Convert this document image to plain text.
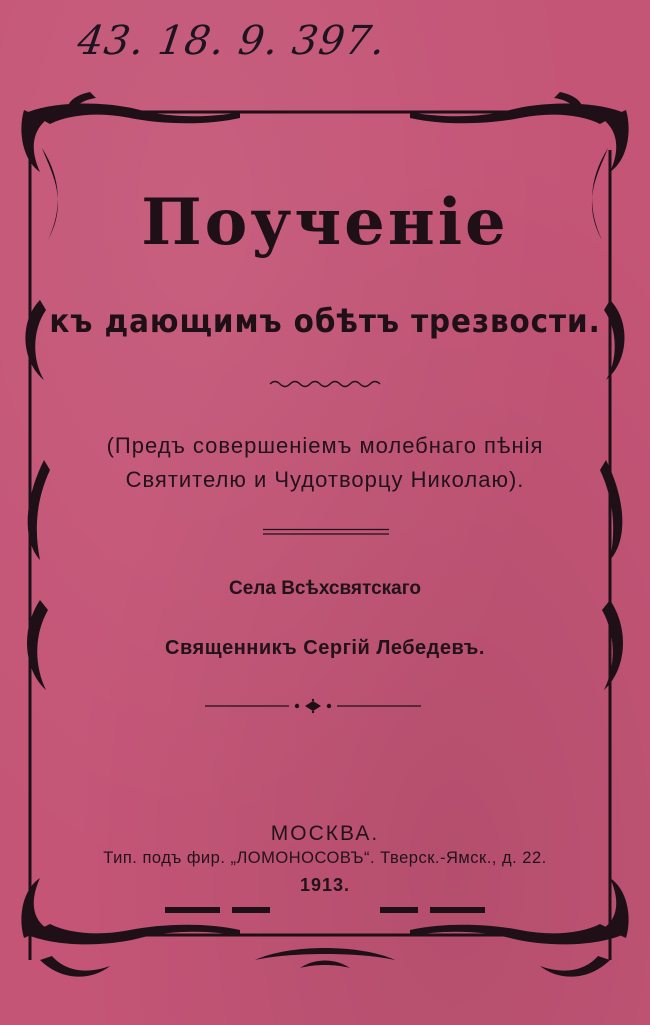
43. 18. 9. 397.
Поученіе
къ дающимъ обѣтъ трезвости.
(Предъ совершеніемъ молебнаго пѣнія
Святителю и Чудотворцу Николаю).
Села Всѣхсвятскаго
Священникъ Сергій Лебедевъ.
МОСКВА.
Тип. подъ фир. „ЛОМОНОСОВЪ“. Тверск.-Ямск., д. 22.
1913.
